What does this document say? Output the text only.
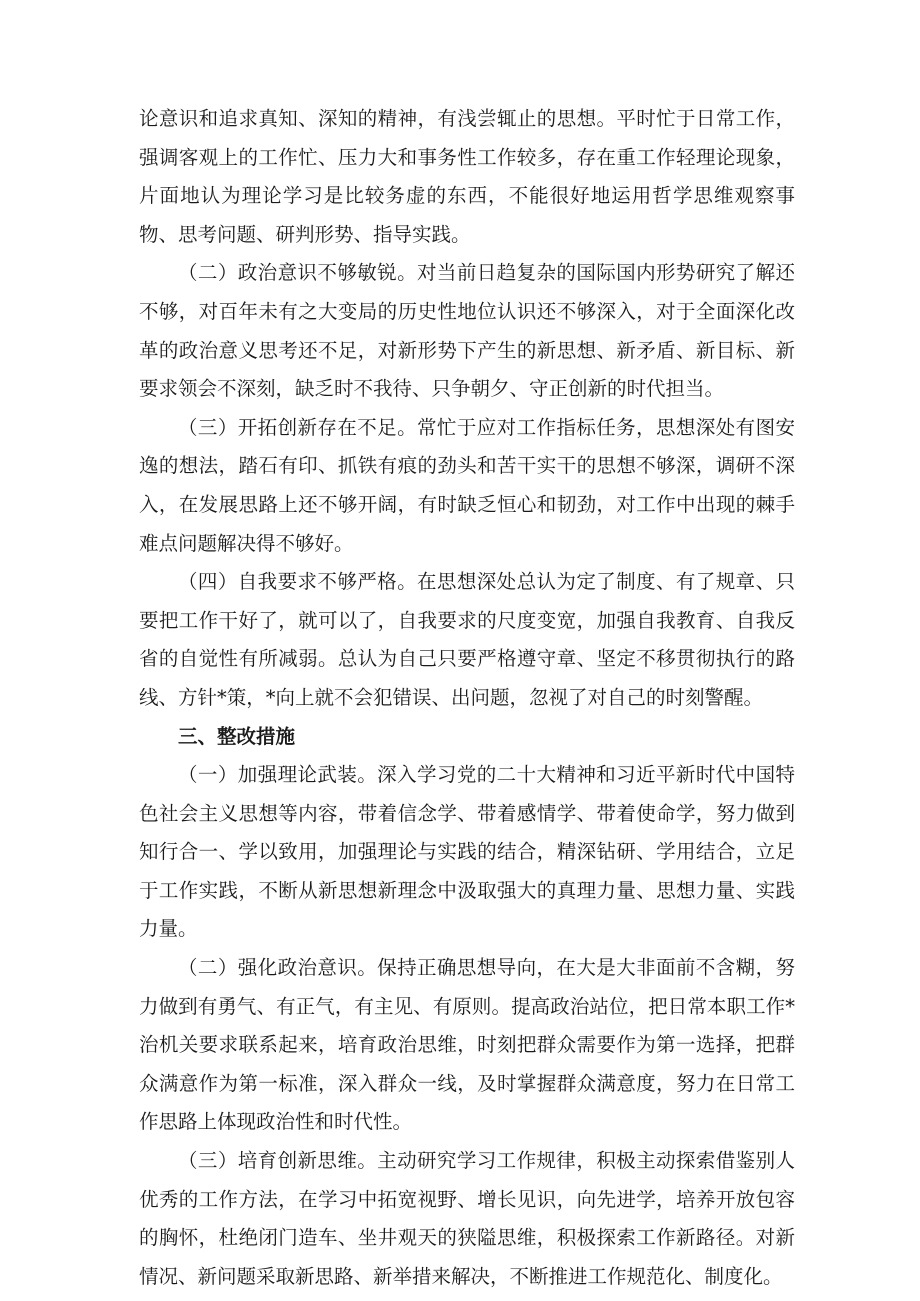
论意识和追求真知、深知的精神，有浅尝辄止的思想。平时忙于日常工作，强调客观上的工作忙、压力大和事务性工作较多，存在重工作轻理论现象，片面地认为理论学习是比较务虚的东西，不能很好地运用哲学思维观察事物、思考问题、研判形势、指导实践。

（二）政治意识不够敏锐。对当前日趋复杂的国际国内形势研究了解还不够，对百年未有之大变局的历史性地位认识还不够深入，对于全面深化改革的政治意义思考还不足，对新形势下产生的新思想、新矛盾、新目标、新要求领会不深刻，缺乏时不我待、只争朝夕、守正创新的时代担当。

（三）开拓创新存在不足。常忙于应对工作指标任务，思想深处有图安逸的想法，踏石有印、抓铁有痕的劲头和苦干实干的思想不够深，调研不深入，在发展思路上还不够开阔，有时缺乏恒心和韧劲，对工作中出现的棘手难点问题解决得不够好。

（四）自我要求不够严格。在思想深处总认为定了制度、有了规章、只要把工作干好了，就可以了，自我要求的尺度变宽，加强自我教育、自我反省的自觉性有所减弱。总认为自己只要严格遵守章、坚定不移贯彻执行的路线、方针*策，*向上就不会犯错误、出问题，忽视了对自己的时刻警醒。

三、整改措施

（一）加强理论武装。深入学习党的二十大精神和习近平新时代中国特色社会主义思想等内容，带着信念学、带着感情学、带着使命学，努力做到知行合一、学以致用，加强理论与实践的结合，精深钻研、学用结合，立足于工作实践，不断从新思想新理念中汲取强大的真理力量、思想力量、实践力量。

（二）强化政治意识。保持正确思想导向，在大是大非面前不含糊，努力做到有勇气、有正气，有主见、有原则。提高政治站位，把日常本职工作*治机关要求联系起来，培育政治思维，时刻把群众需要作为第一选择，把群众满意作为第一标准，深入群众一线，及时掌握群众满意度，努力在日常工作思路上体现政治性和时代性。

（三）培育创新思维。主动研究学习工作规律，积极主动探索借鉴别人优秀的工作方法，在学习中拓宽视野、增长见识，向先进学，培养开放包容的胸怀，杜绝闭门造车、坐井观天的狭隘思维，积极探索工作新路径。对新情况、新问题采取新思路、新举措来解决，不断推进工作规范化、制度化。
